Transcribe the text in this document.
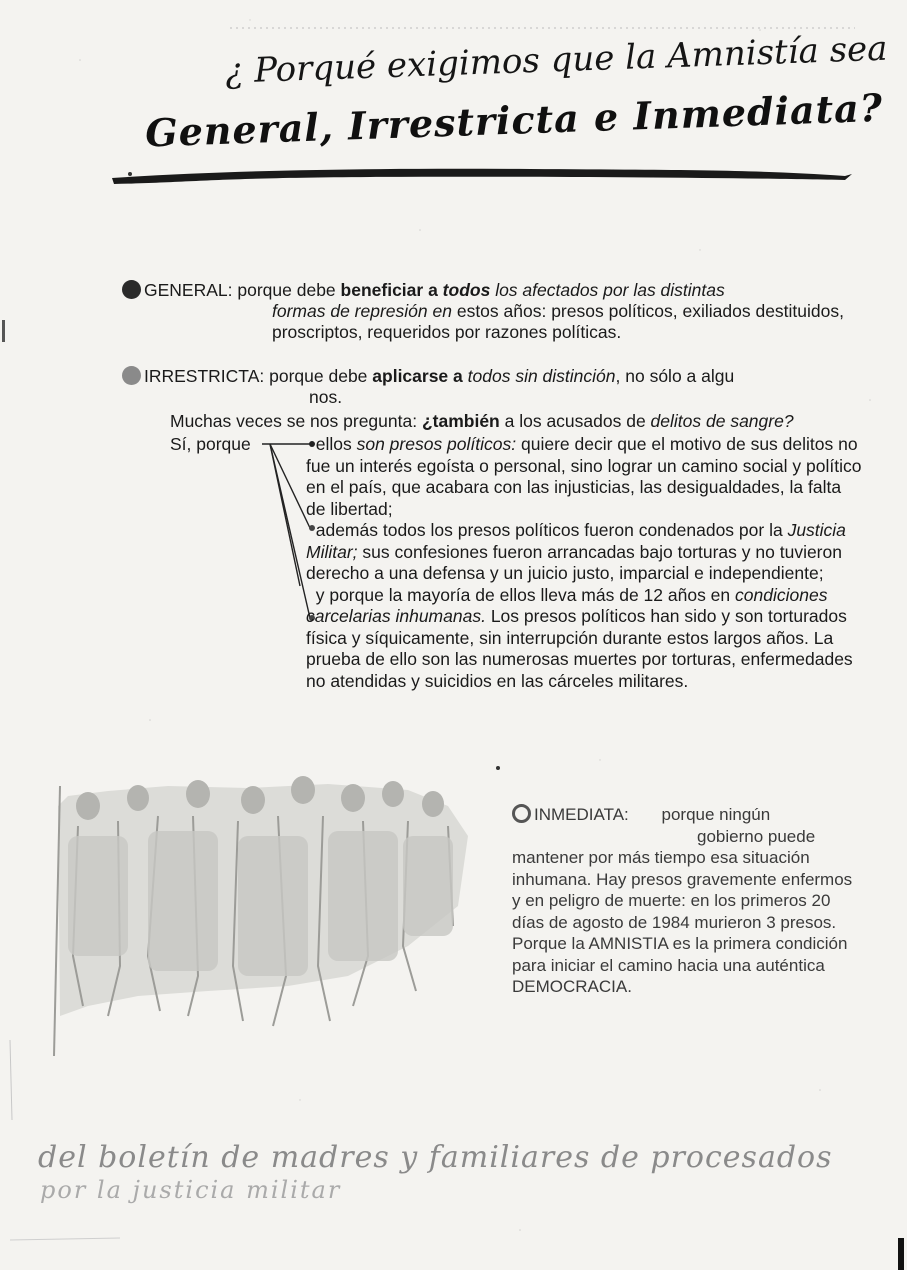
¿ Porqué exigimos que la Amnistía sea
General, Irrestricta e Inmediata?
GENERAL: porque debe beneficiar a todos los afectados por las distintas
formas de represión en estos años: presos políticos, exiliados destituidos, proscriptos, requeridos por razones políticas.
IRRESTRICTA: porque debe aplicarse a todos sin distinción, no sólo a algu
nos.
Muchas veces se nos pregunta: ¿también a los acusados de delitos de sangre?
Sí, porque	ellos son presos políticos: quiere decir que el motivo de sus delitos no fue un interés egoísta o personal, sino lograr un camino social y político en el país, que acabara con las injusticias, las desigualdades, la falta de libertad;

además todos los presos políticos fueron condenados por la Justicia Militar; sus confesiones fueron arrancadas bajo torturas y no tuvieron derecho a una defensa y un juicio justo, imparcial e independiente;

y porque la mayoría de ellos lleva más de 12 años en condiciones carcelarias inhumanas. Los presos políticos han sido y son torturados física y síquicamente, sin interrupción durante estos largos años. La prueba de ello son las numerosas muertes por torturas, enfermedades no atendidas y suicidios en las cárceles militares.

INMEDIATA: porque ningún
gobierno puede

mantener por más tiempo esa situación inhumana. Hay presos gravemente enfermos y en peligro de muerte: en los primeros 20 días de agosto de 1984 murieron 3 presos. Porque la AMNISTIA es la primera condición para iniciar el camino hacia una auténtica DEMOCRACIA.

del boletín de madres y familiares de procesados
por la justicia militar
